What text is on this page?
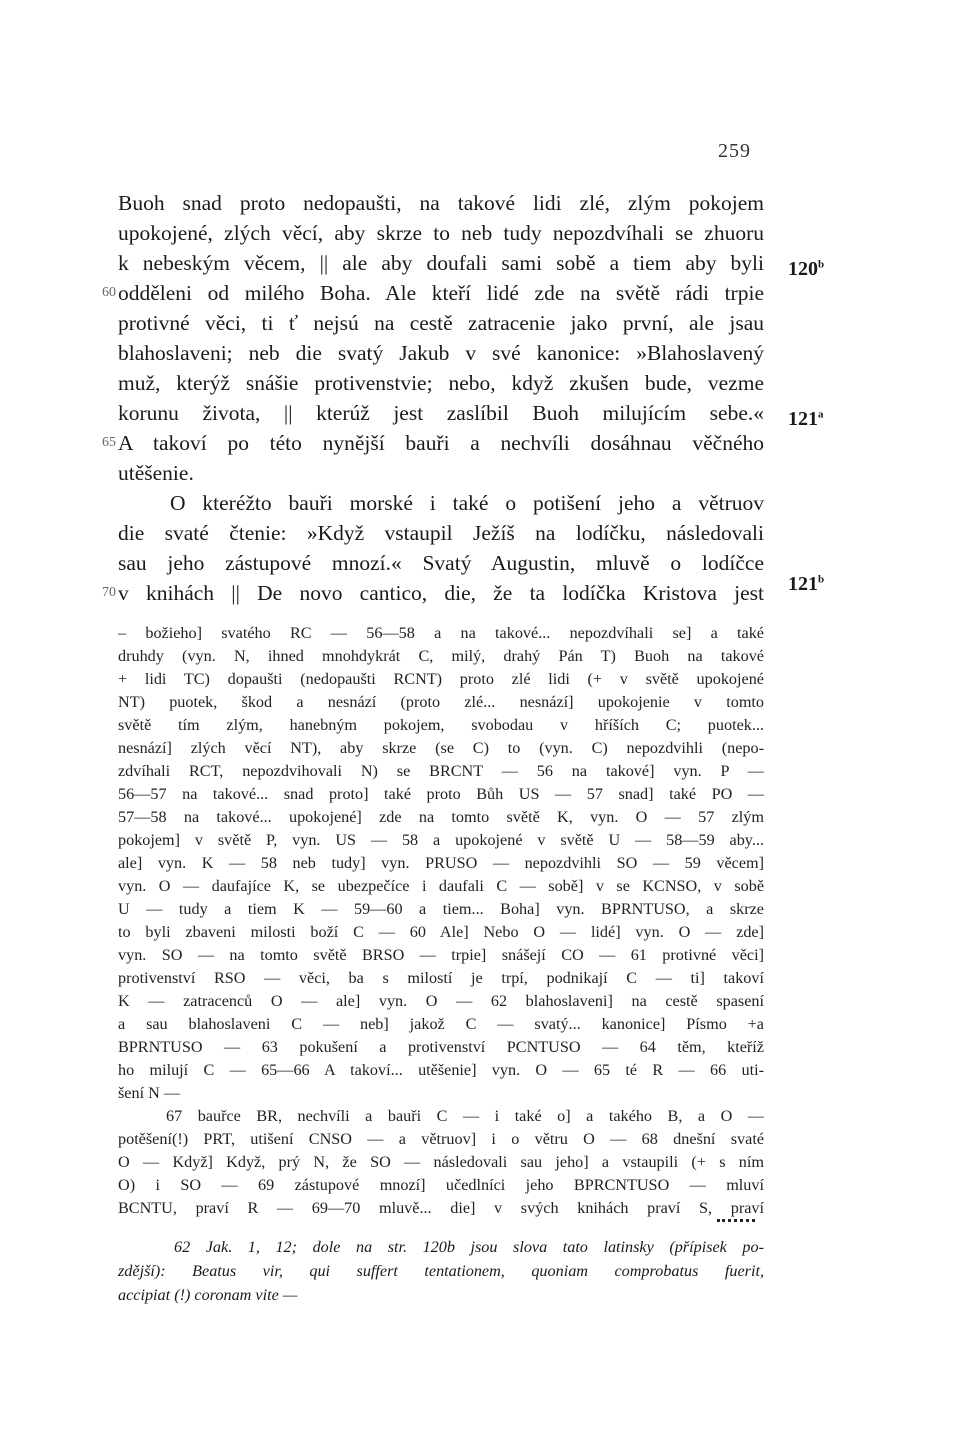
259
Buoh snad proto nedopaušti, na takové lidi zlé, zlým pokojem
upokojené, zlých věcí, aby skrze to neb tudy nepozdvíhali se zhuoru
k nebeským věcem, || ale aby doufali sami sobě a tiem aby byli
60 odděleni od milého Boha. Ale kteří lidé zde na světě rádi trpie
protivné věci, ti ť nejsú na cestě zatracenie jako první, ale jsau
blahoslaveni; neb die svatý Jakub v své kanonice: »Blahoslavený
muž, kterýž snášie protivenstvie; nebo, když zkušen bude, vezme
korunu života, || kterúž jest zaslíbil Buoh milujícím sebe.«
65 A takoví po této nynější bauři a nechvíli dosáhnau věčného
utěšenie.
O kteréžto bauři morské i také o potišení jeho a větruov
die svaté čtenie: »Když vstaupil Ježíš na lodíčku, následovali
sau jeho zástupové mnozí.« Svatý Augustin, mluvě o lodíčce
70 v knihách || De novo cantico, die, že ta lodíčka Kristova jest
120$^b$
121$^a$
121$^b$
– božieho] svatého RC — 56—58 a na takové... nepozdvíhali se] a také
druhdy (vyn. N, ihned mnohdykrát C, milý, drahý Pán T) Buoh na takové
+ lidi TC) dopaušti (nedopaušti RCNT) proto zlé lidi (+ v světě upokojené
NT) puotek, škod a nesnází (proto zlé... nesnází] upokojenie v tomto
světě tím zlým, hanebným pokojem, svobodau v hříších C; puotek...
nesnází] zlých věcí NT), aby skrze (se C) to (vyn. C) nepozdvihli (nepo-
zdvíhali RCT, nepozdvihovali N) se BRCNT — 56 na takové] vyn. P —
56—57 na takové... snad proto] také proto Bůh US — 57 snad] také PO —
57—58 na takové... upokojené] zde na tomto světě K, vyn. O — 57 zlým
pokojem] v světě P, vyn. US — 58 a upokojené v světě U — 58—59 aby...
ale] vyn. K — 58 neb tudy] vyn. PRUSO — nepozdvihli SO — 59 věcem]
vyn. O — daufajíce K, se ubezpečíce i daufali C — sobě] v se KCNSO, v sobě
U — tudy a tiem K — 59—60 a tiem... Boha] vyn. BPRNTUSO, a skrze
to byli zbaveni milosti boží C — 60 Ale] Nebo O — lidé] vyn. O — zde]
vyn. SO — na tomto světě BRSO — trpie] snášejí CO — 61 protivné věci]
protivenství RSO — věci, ba s milostí je trpí, podnikají C — ti] takoví
K — zatracenců O — ale] vyn. O — 62 blahoslaveni] na cestě spasení
a sau blahoslaveni C — neb] jakož C — svatý... kanonice] Písmo +a
BPRNTUSO — 63 pokušení a protivenství PCNTUSO — 64 těm, kteříž
ho milují C — 65—66 A takoví... utěšenie] vyn. O — 65 té R — 66 uti-
šení N —
67 bauřce BR, nechvíli a bauři C — i také o] a takého B, a O —
potěšení(!) PRT, utišení CNSO — a větruov] i o větru O — 68 dnešní svaté
O — Když] Když, prý N, že SO — následovali sau jeho] a vstaupili (+ s ním
O) i SO — 69 zástupové mnozí] učedlníci jeho BPRCNTUSO — mluví
BCNTU, praví R — 69—70 mluvě... die] v svých knihách praví S, praví
62 Jak. 1, 12; dole na str. 120b jsou slova tato latinsky (přípisek po-
zdější): Beatus vir, qui suffert tentationem, quoniam comprobatus fuerit,
accipiat (!) coronam vite —
